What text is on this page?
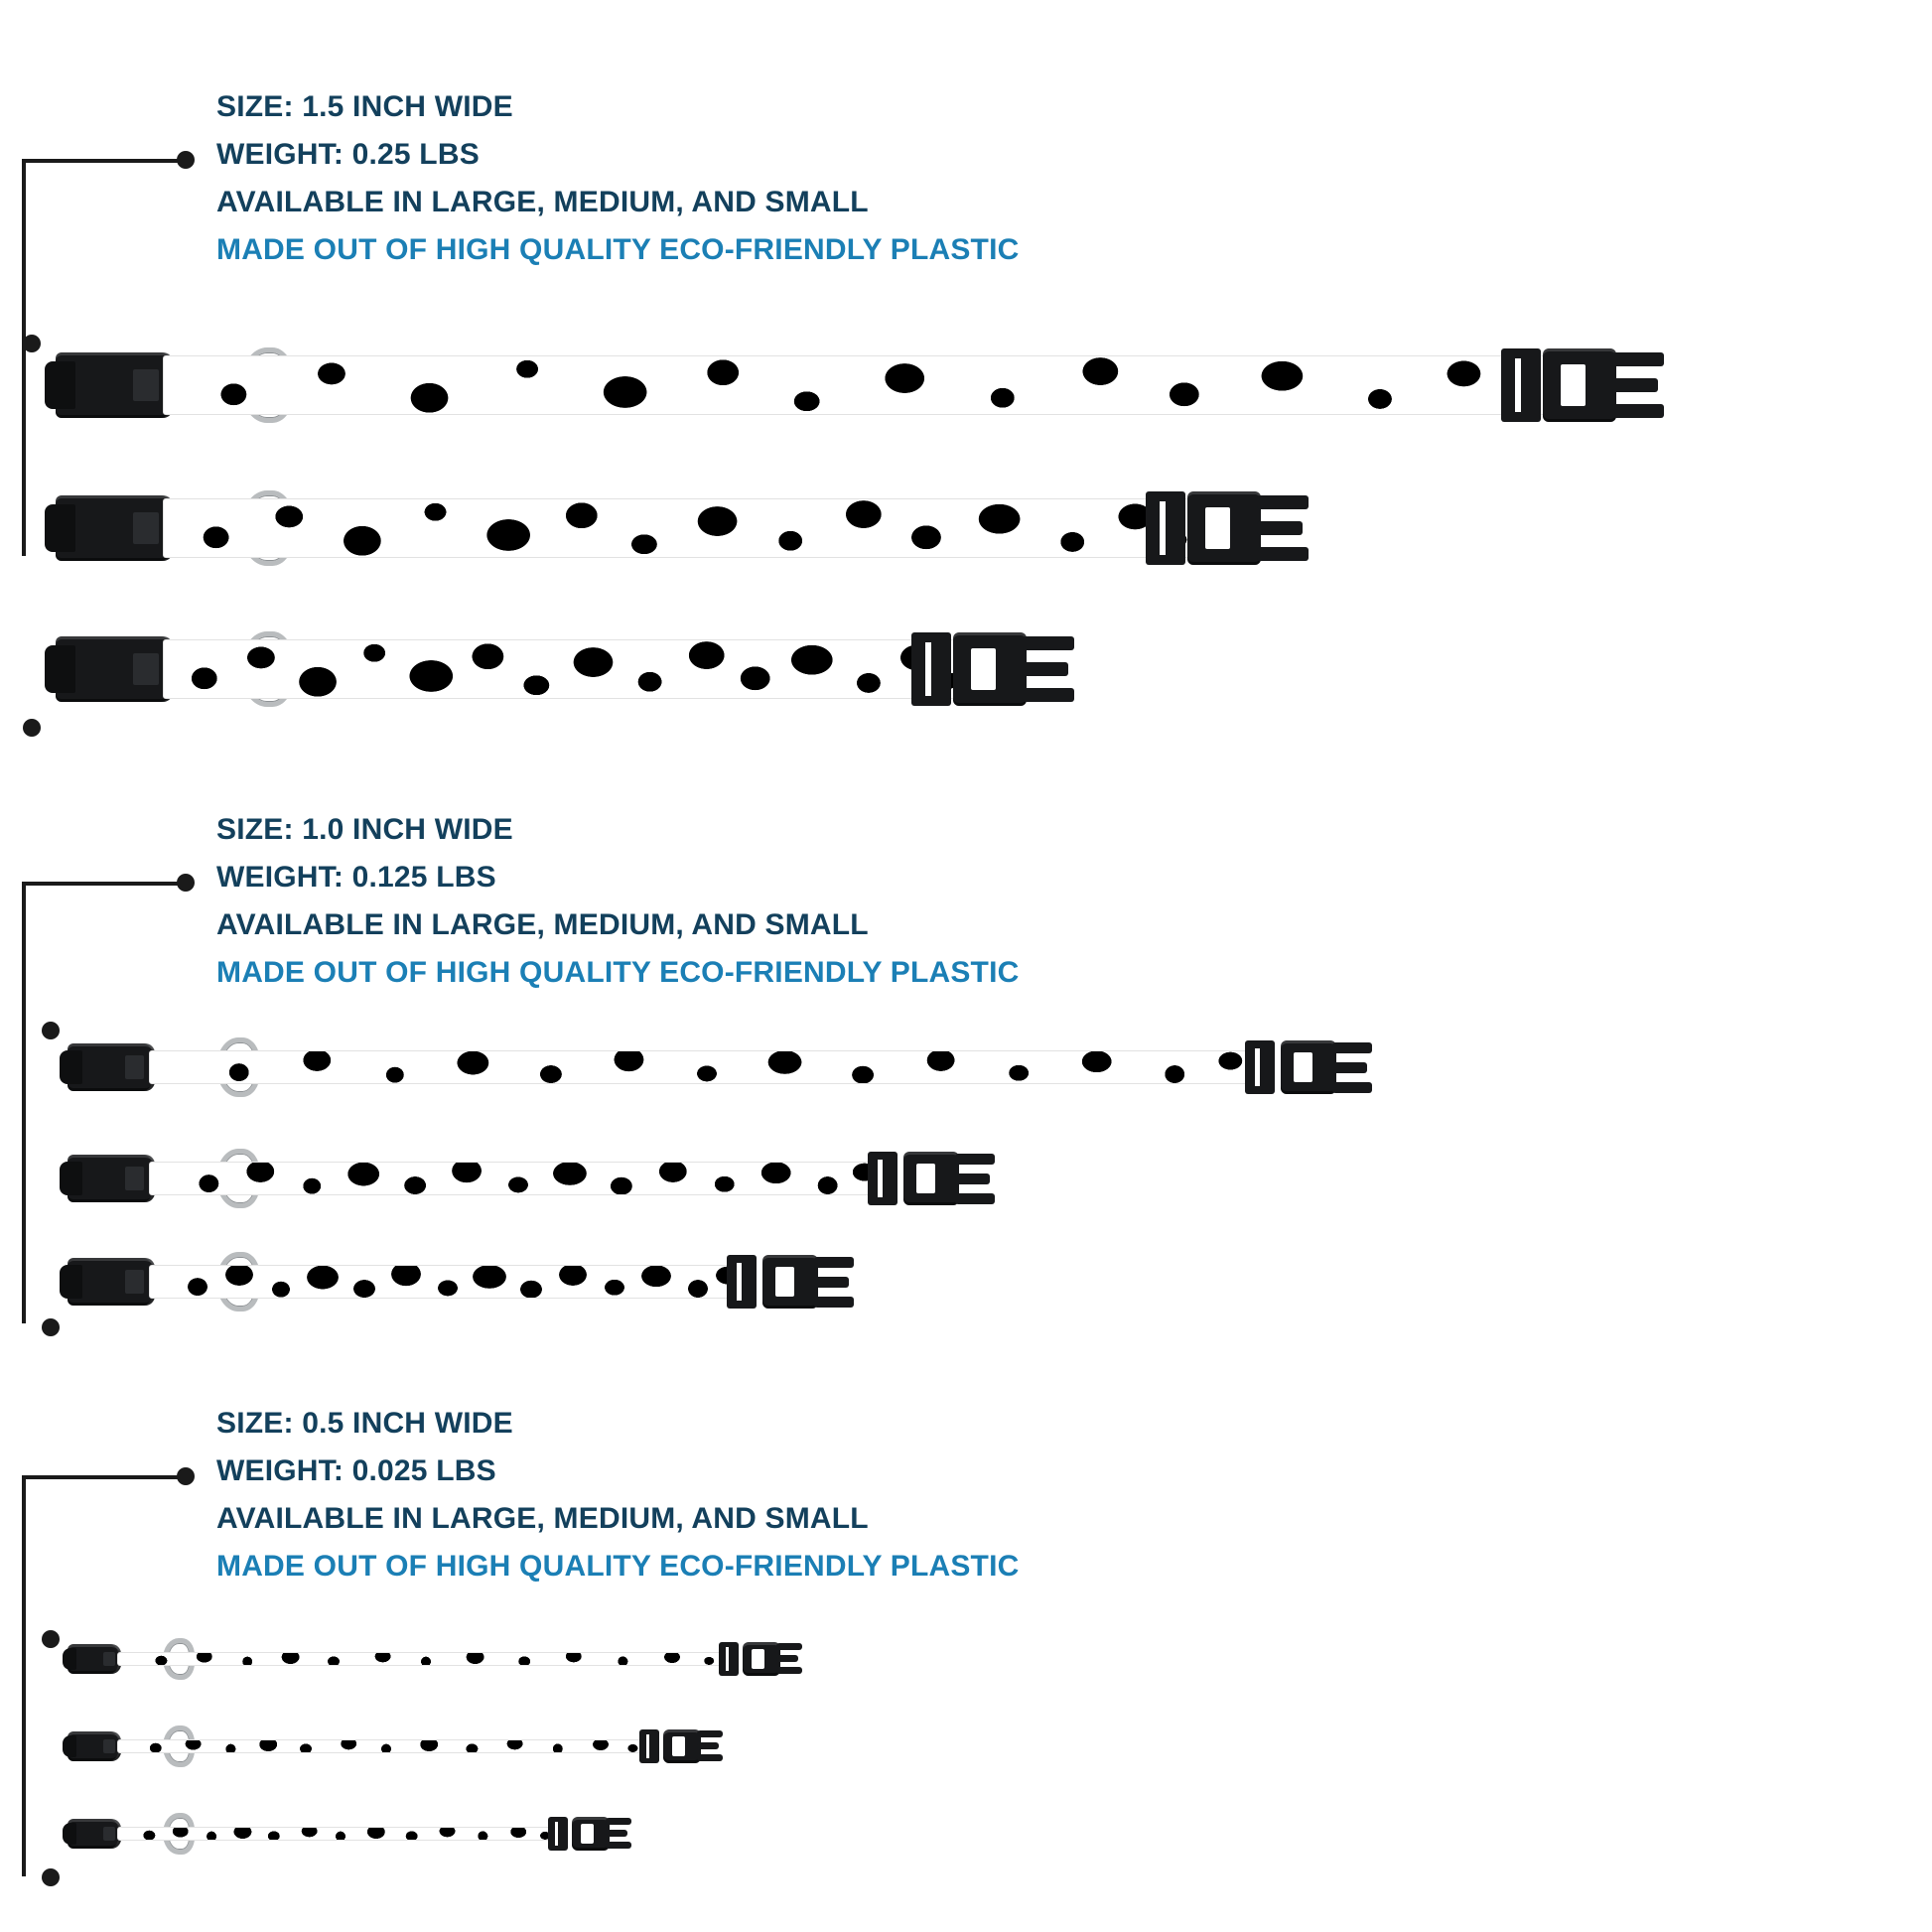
SIZE: 1.5 INCH WIDE
WEIGHT: 0.25 LBS
AVAILABLE IN LARGE, MEDIUM, AND SMALL
MADE OUT OF HIGH QUALITY ECO-FRIENDLY PLASTIC
SIZE: 1.0 INCH WIDE
WEIGHT: 0.125 LBS
AVAILABLE IN LARGE, MEDIUM, AND SMALL
MADE OUT OF HIGH QUALITY ECO-FRIENDLY PLASTIC
SIZE: 0.5 INCH WIDE
WEIGHT: 0.025 LBS
AVAILABLE IN LARGE, MEDIUM, AND SMALL
MADE OUT OF HIGH QUALITY ECO-FRIENDLY PLASTIC
